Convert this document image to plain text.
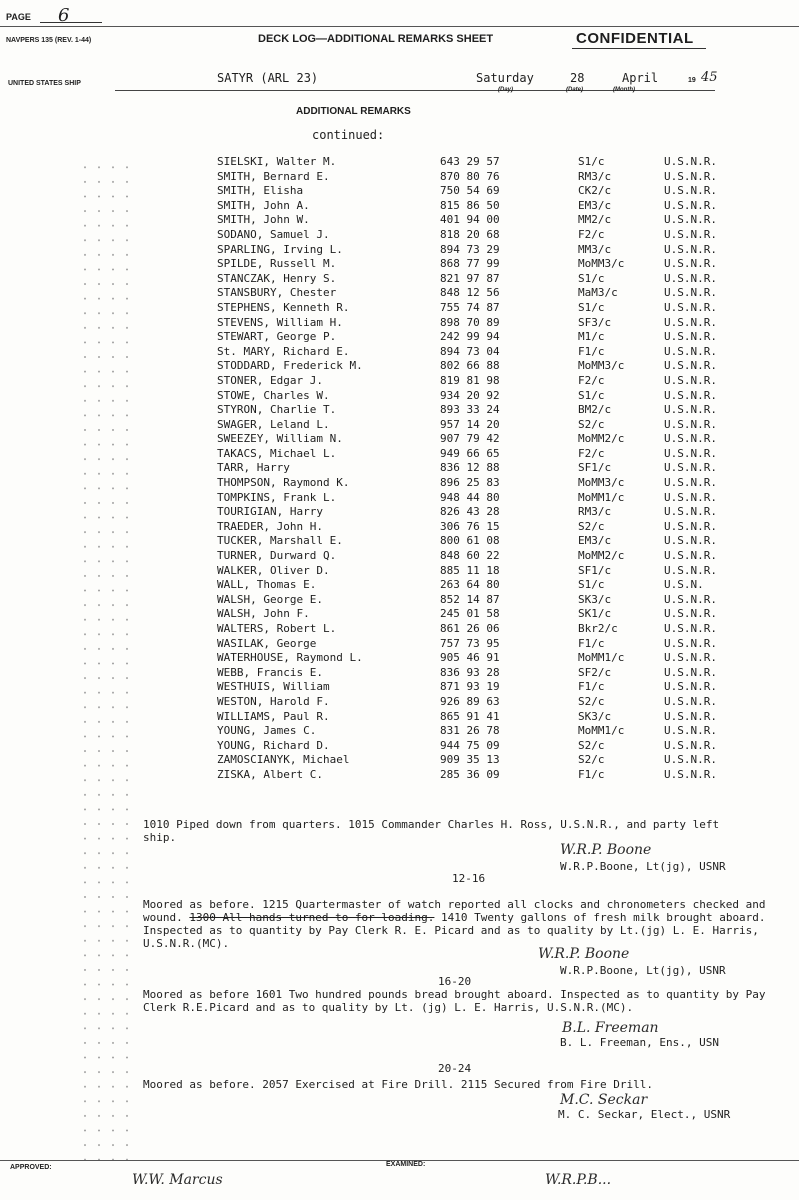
PAGE 6
NAVPERS 135 (REV. 1-44)	DECK LOG—ADDITIONAL REMARKS SHEET	CONFIDENTIAL
UNITED STATES SHIP	SATYR (ARL 23)	Saturday	28	April	19 45
(Day)	(Date)	(Month)
ADDITIONAL REMARKS
continued:
SIELSKI, Walter M.	643 29 57	S1/c	U.S.N.R.
SMITH, Bernard E.	870 80 76	RM3/c	U.S.N.R.
SMITH, Elisha	750 54 69	CK2/c	U.S.N.R.
SMITH, John A.	815 86 50	EM3/c	U.S.N.R.
SMITH, John W.	401 94 00	MM2/c	U.S.N.R.
SODANO, Samuel J.	818 20 68	F2/c	U.S.N.R.
SPARLING, Irving L.	894 73 29	MM3/c	U.S.N.R.
SPILDE, Russell M.	868 77 99	MoMM3/c	U.S.N.R.
STANCZAK, Henry S.	821 97 87	S1/c	U.S.N.R.
STANSBURY, Chester	848 12 56	MaM3/c	U.S.N.R.
STEPHENS, Kenneth R.	755 74 87	S1/c	U.S.N.R.
STEVENS, William H.	898 70 89	SF3/c	U.S.N.R.
STEWART, George P.	242 99 94	M1/c	U.S.N.R.
St. MARY, Richard E.	894 73 04	F1/c	U.S.N.R.
STODDARD, Frederick M.	802 66 88	MoMM3/c	U.S.N.R.
STONER, Edgar J.	819 81 98	F2/c	U.S.N.R.
STOWE, Charles W.	934 20 92	S1/c	U.S.N.R.
STYRON, Charlie T.	893 33 24	BM2/c	U.S.N.R.
SWAGER, Leland L.	957 14 20	S2/c	U.S.N.R.
SWEEZEY, William N.	907 79 42	MoMM2/c	U.S.N.R.
TAKACS, Michael L.	949 66 65	F2/c	U.S.N.R.
TARR, Harry	836 12 88	SF1/c	U.S.N.R.
THOMPSON, Raymond K.	896 25 83	MoMM3/c	U.S.N.R.
TOMPKINS, Frank L.	948 44 80	MoMM1/c	U.S.N.R.
TOURIGIAN, Harry	826 43 28	RM3/c	U.S.N.R.
TRAEDER, John H.	306 76 15	S2/c	U.S.N.R.
TUCKER, Marshall E.	800 61 08	EM3/c	U.S.N.R.
TURNER, Durward Q.	848 60 22	MoMM2/c	U.S.N.R.
WALKER, Oliver D.	885 11 18	SF1/c	U.S.N.R.
WALL, Thomas E.	263 64 80	S1/c	U.S.N.
WALSH, George E.	852 14 87	SK3/c	U.S.N.R.
WALSH, John F.	245 01 58	SK1/c	U.S.N.R.
WALTERS, Robert L.	861 26 06	Bkr2/c	U.S.N.R.
WASILAK, George	757 73 95	F1/c	U.S.N.R.
WATERHOUSE, Raymond L.	905 46 91	MoMM1/c	U.S.N.R.
WEBB, Francis E.	836 93 28	SF2/c	U.S.N.R.
WESTHUIS, William	871 93 19	F1/c	U.S.N.R.
WESTON, Harold F.	926 89 63	S2/c	U.S.N.R.
WILLIAMS, Paul R.	865 91 41	SK3/c	U.S.N.R.
YOUNG, James C.	831 26 78	MoMM1/c	U.S.N.R.
YOUNG, Richard D.	944 75 09	S2/c	U.S.N.R.
ZAMOSCIANYK, Michael	909 35 13	S2/c	U.S.N.R.
ZISKA, Albert C.	285 36 09	F1/c	U.S.N.R.
1010 Piped down from quarters. 1015 Commander Charles H. Ross, U.S.N.R., and party left ship.
W.R.P. Boone
W.R.P.Boone, Lt(jg), USNR
12-16
Moored as before. 1215 Quartermaster of watch reported all clocks and chronometers checked and wound. 1300 All hands turned to for loading. 1410 Twenty gallons of fresh milk brought aboard. Inspected as to quantity by Pay Clerk R. E. Picard and as to quality by Lt.(jg) L. E. Harris, U.S.N.R.(MC).
W.R.P. Boone
W.R.P.Boone, Lt(jg), USNR
16-20
Moored as before 1601 Two hundred pounds bread brought aboard. Inspected as to quantity by Pay Clerk R.E.Picard and as to quality by Lt. (jg) L. E. Harris, U.S.N.R.(MC).
B.L. Freeman
B. L. Freeman, Ens., USN
20-24
Moored as before. 2057 Exercised at Fire Drill. 2115 Secured from Fire Drill.
M.C. Seckar
M. C. Seckar, Elect., USNR
APPROVED:	EXAMINED:
W.W. Marcus	W.R.P.B...
